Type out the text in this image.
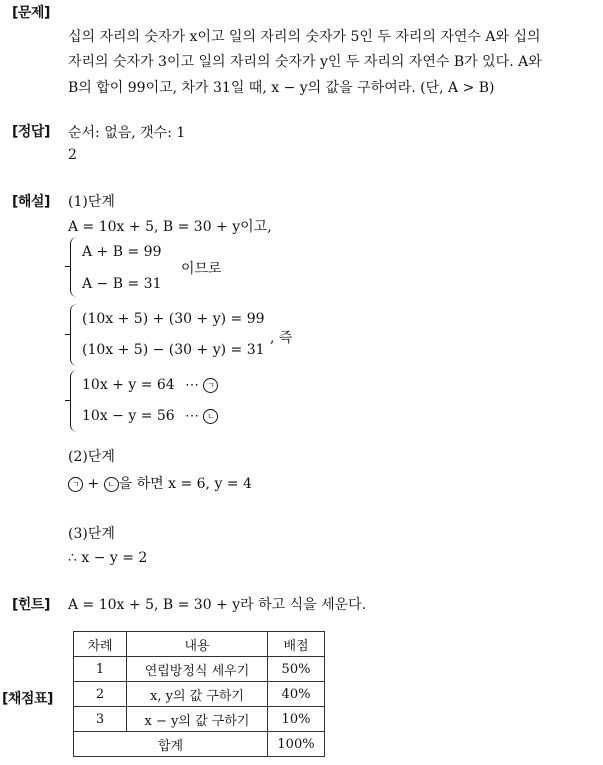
[문제]
십의 자리의 숫자가 x이고 일의 자리의 숫자가 5인 두 자리의 자연수 A와 십의
자리의 숫자가 3이고 일의 자리의 숫자가 y인 두 자리의 자연수 B가 있다. A와
B의 합이 99이고, 차가 31일 때, x − y의 값을 구하여라. (단, A > B)
[정답] 순서: 없음, 갯수: 1
2
[해설] (1)단계
A = 10x + 5, B = 30 + y이고,
A + B = 99
A − B = 31
이므로
(10x + 5) + (30 + y) = 99
(10x + 5) − (30 + y) = 31
, 즉
10x + y = 64 ⋯ ㄱ
10x − y = 56 ⋯ ㄴ
(2)단계
ㄱ + ㄴ 을 하면 x = 6, y = 4
(3)단계
∴ x − y = 2
[힌트] A = 10x + 5, B = 30 + y라 하고 식을 세운다.
[채점표]
차례	내용	배점
1	연립방정식 세우기	50%
2	x, y의 값 구하기	40%
3	x − y의 값 구하기	10%
합계		100%
